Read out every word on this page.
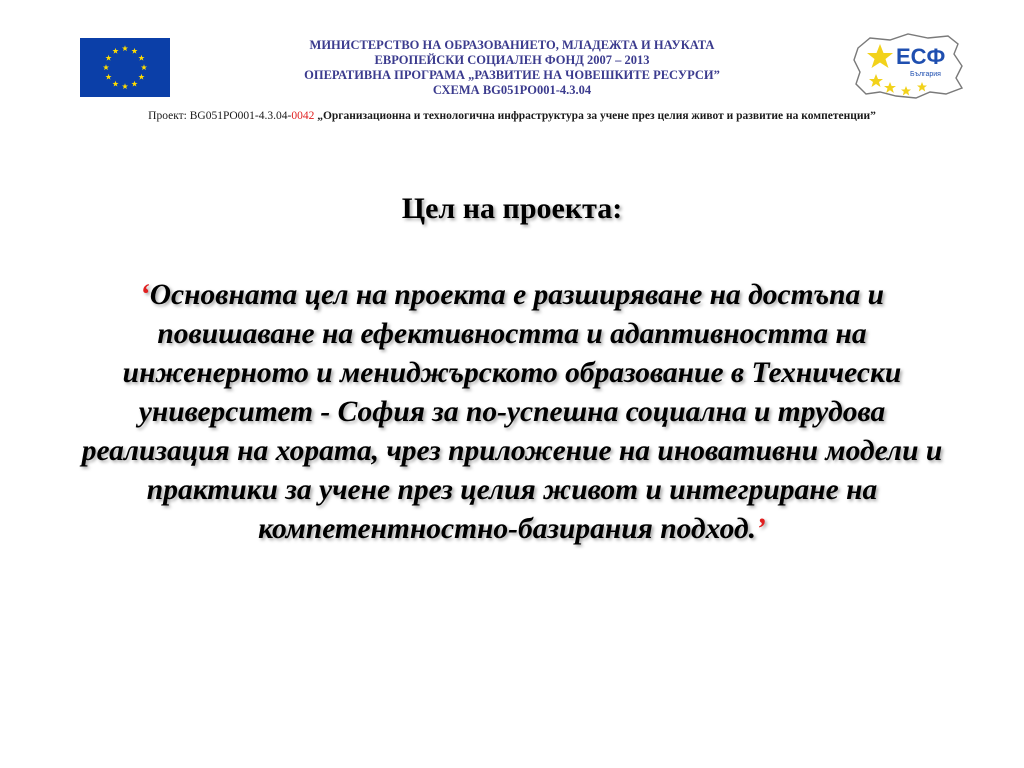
МИНИСТЕРСТВО НА ОБРАЗОВАНИЕТО, МЛАДЕЖТА И НАУКАТА
ЕВРОПЕЙСКИ СОЦИАЛЕН ФОНД 2007 – 2013
ОПЕРАТИВНА ПРОГРАМА „РАЗВИТИЕ НА ЧОВЕШКИТЕ РЕСУРСИ”
СХЕМА BG051PO001-4.3.04
ЕСФ
България
Проект: BG051PO001-4.3.04-0042 „Организационна и технологична инфраструктура за учене през целия живот и развитие на компетенции”
Цел на проекта:
‘Основната цел на проекта е разширяване на достъпа и повишаване на ефективността и адаптивността на инженерното и мениджърското образование в Технически университет - София за по-успешна социална и трудова реализация на хората, чрез приложение на иновативни модели и практики за учене през целия живот и интегриране на компетентностно-базирания подход.’
